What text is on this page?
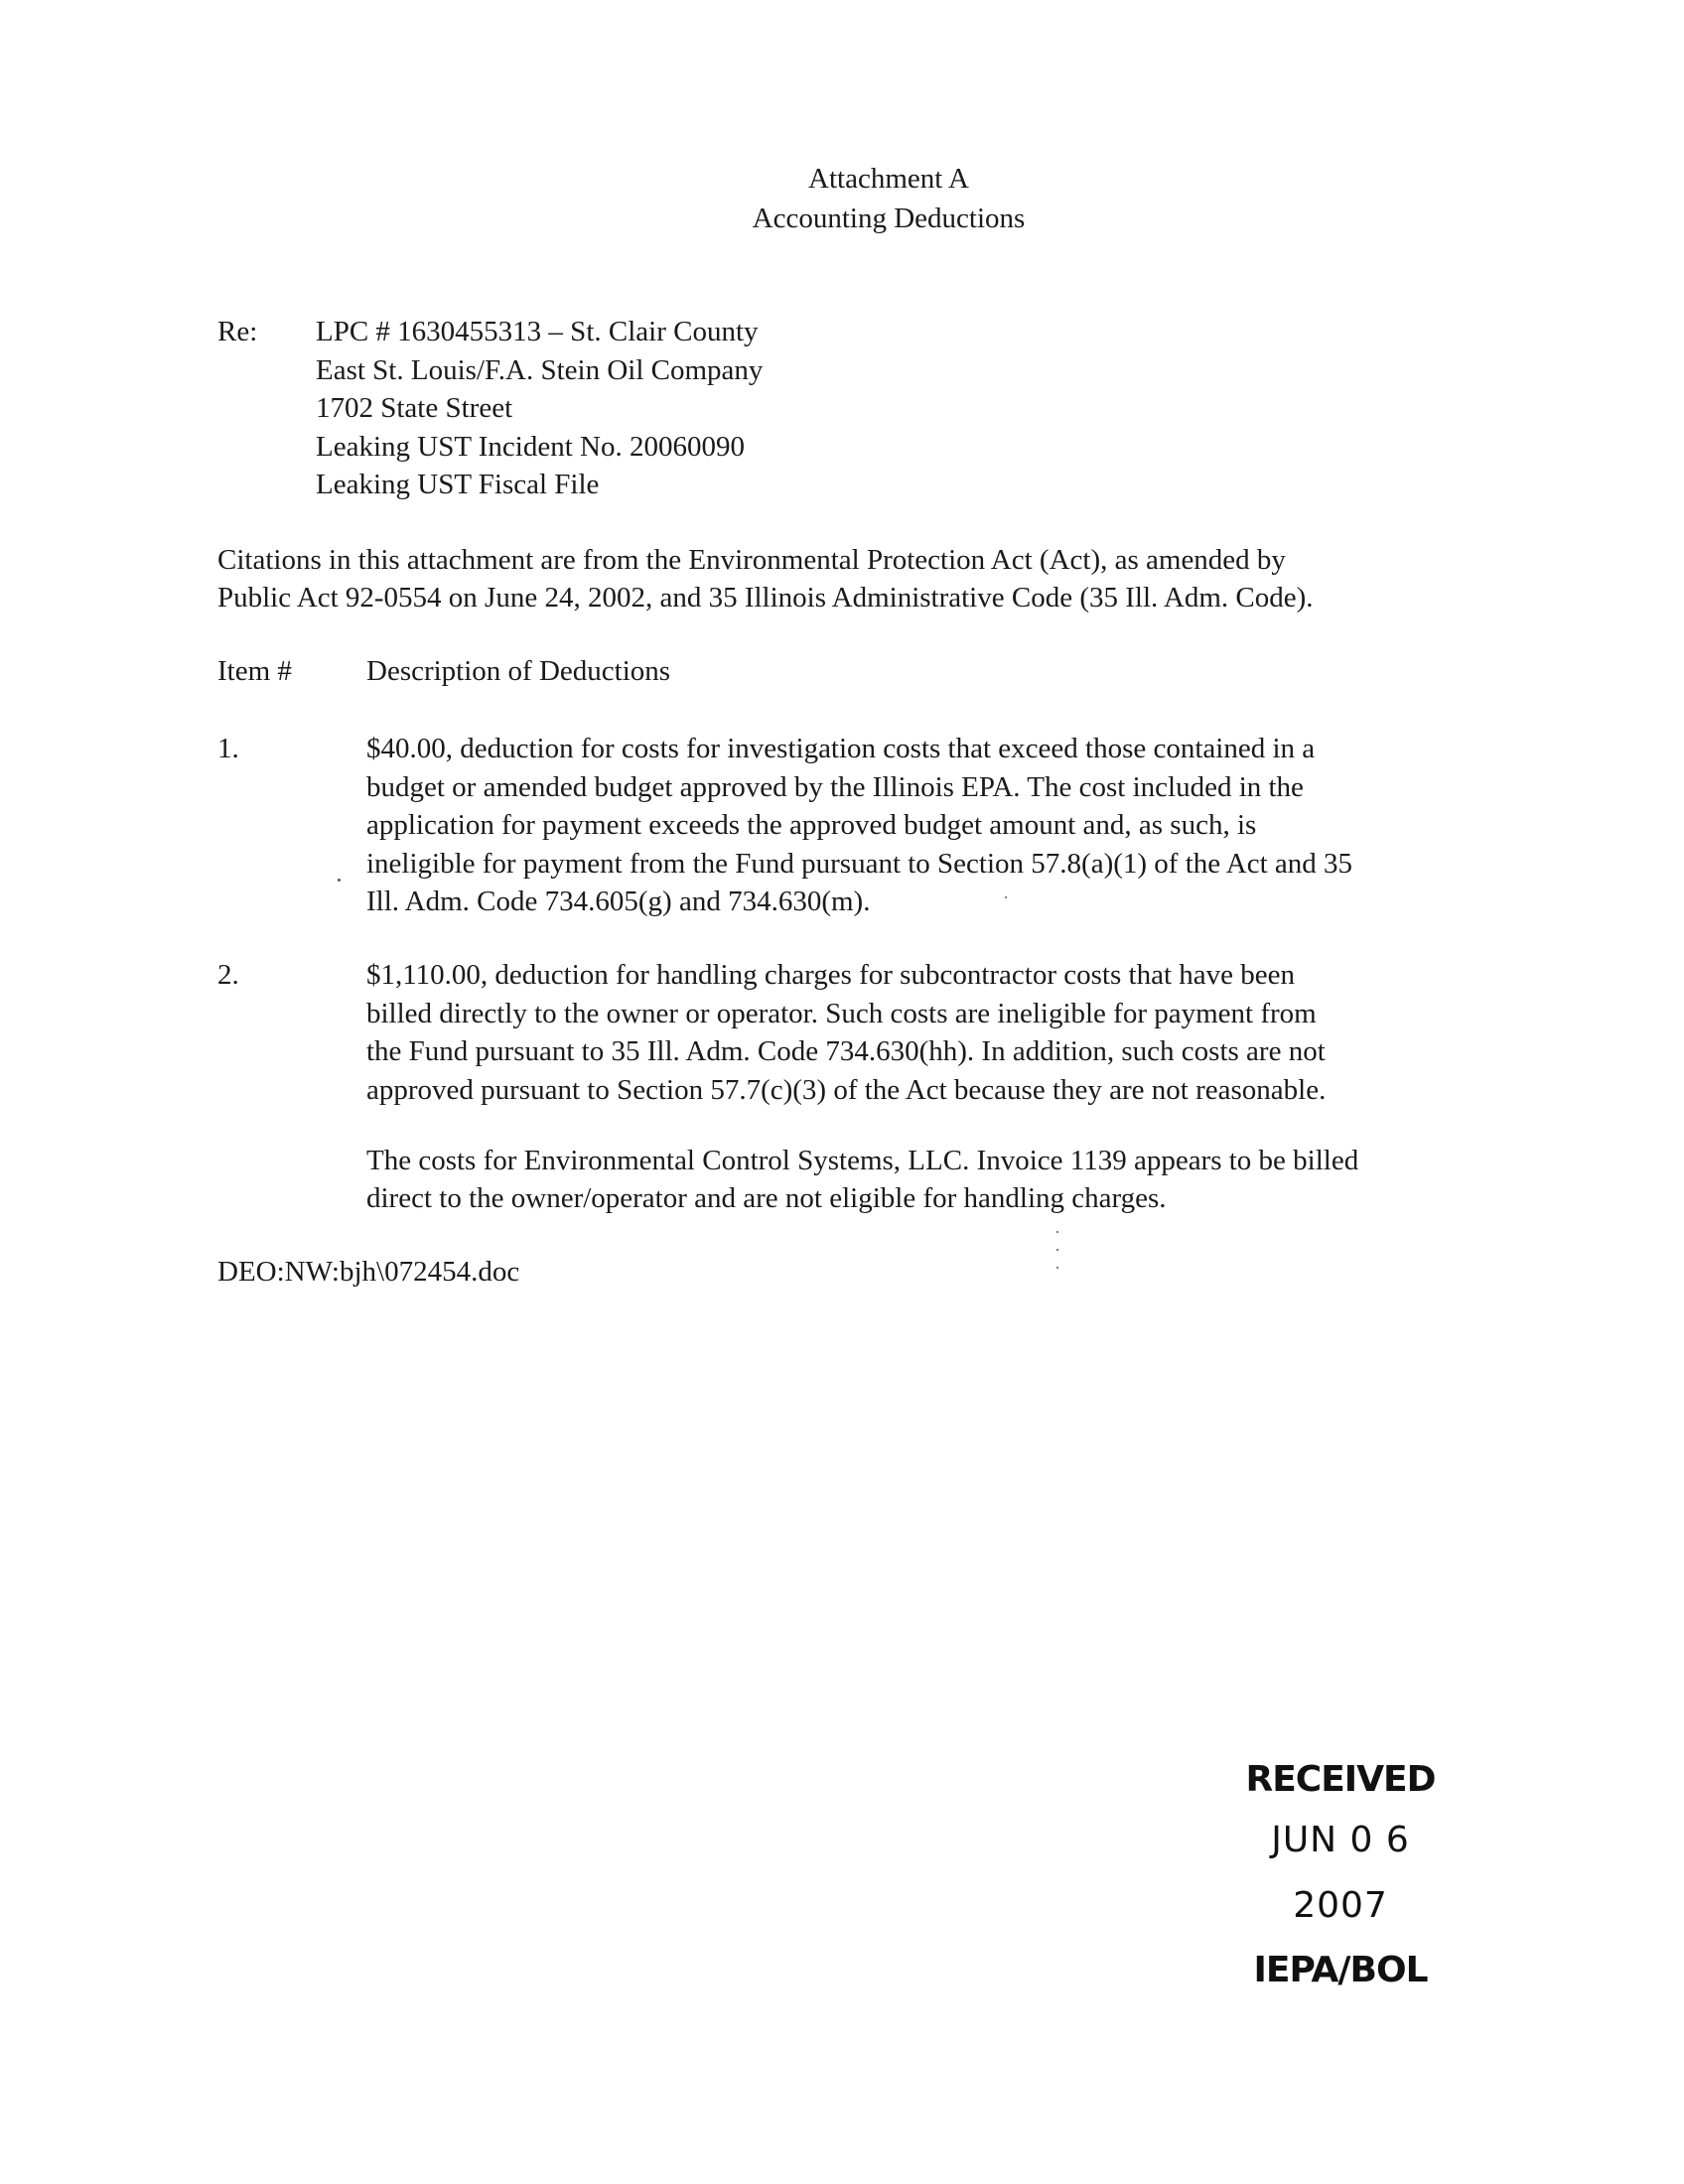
Attachment A
Accounting Deductions
Re: LPC # 1630455313 – St. Clair County
East St. Louis/F.A. Stein Oil Company
1702 State Street
Leaking UST Incident No. 20060090
Leaking UST Fiscal File
Citations in this attachment are from the Environmental Protection Act (Act), as amended by
Public Act 92-0554 on June 24, 2002, and 35 Illinois Administrative Code (35 Ill. Adm. Code).
Item #	Description of Deductions
1.	$40.00, deduction for costs for investigation costs that exceed those contained in a
budget or amended budget approved by the Illinois EPA. The cost included in the
application for payment exceeds the approved budget amount and, as such, is
ineligible for payment from the Fund pursuant to Section 57.8(a)(1) of the Act and 35
Ill. Adm. Code 734.605(g) and 734.630(m).
2.	$1,110.00, deduction for handling charges for subcontractor costs that have been
billed directly to the owner or operator. Such costs are ineligible for payment from
the Fund pursuant to 35 Ill. Adm. Code 734.630(hh). In addition, such costs are not
approved pursuant to Section 57.7(c)(3) of the Act because they are not reasonable.
The costs for Environmental Control Systems, LLC. Invoice 1139 appears to be billed
direct to the owner/operator and are not eligible for handling charges.
DEO:NW:bjh\072454.doc
RECEIVED
JUN 0 6 2007
IEPA/BOL
